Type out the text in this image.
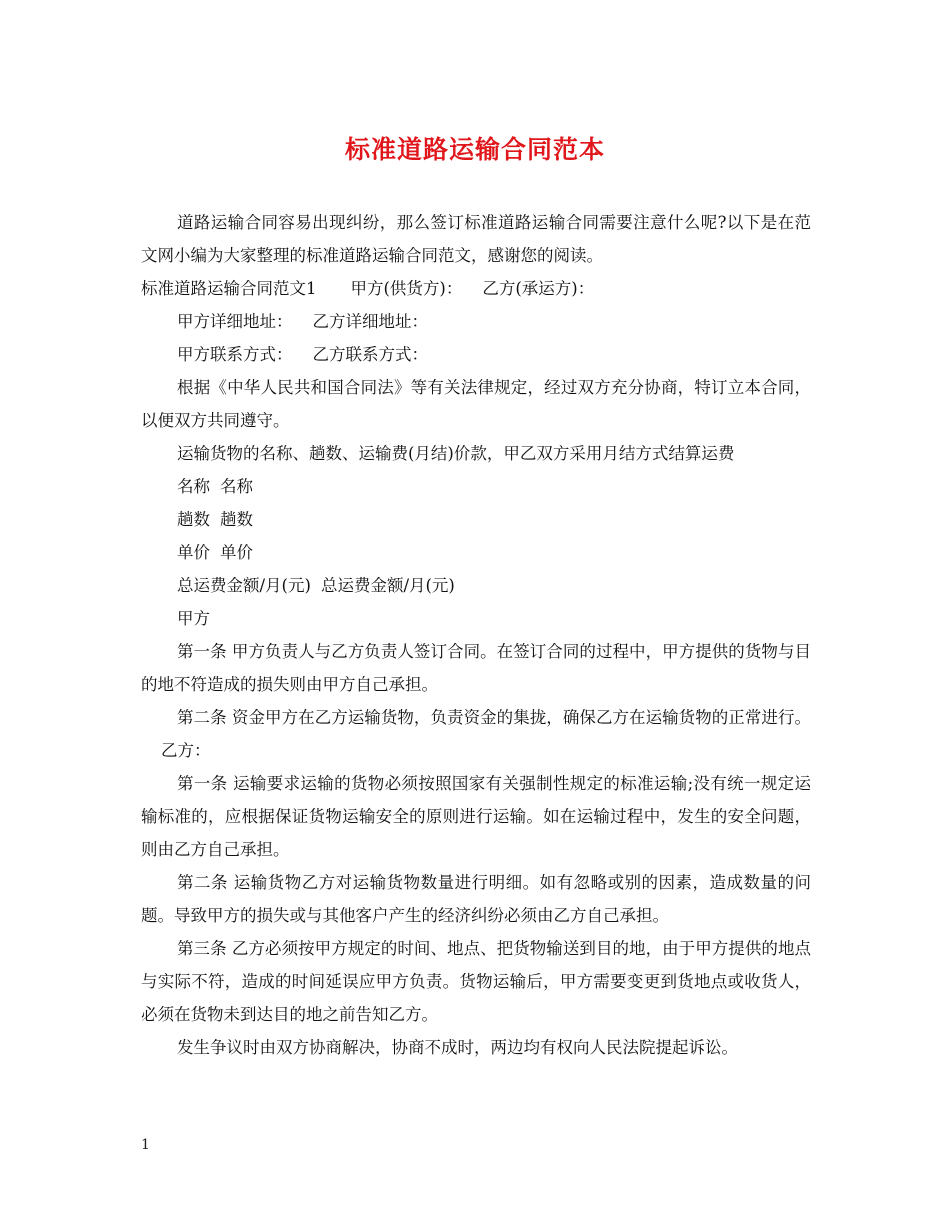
标准道路运输合同范本

道路运输合同容易出现纠纷，那么签订标准道路运输合同需要注意什么呢?以下是在范文网小编为大家整理的标准道路运输合同范文，感谢您的阅读。

标准道路运输合同范文1 甲方(供货方)： 乙方(承运方)：

甲方详细地址： 乙方详细地址：

甲方联系方式： 乙方联系方式：

根据《中华人民共和国合同法》等有关法律规定，经过双方充分协商，特订立本合同，以便双方共同遵守。

运输货物的名称、趟数、运输费(月结)价款，甲乙双方采用月结方式结算运费

名称 名称

趟数 趟数

单价 单价

总运费金额/月(元) 总运费金额/月(元)

甲方

第一条 甲方负责人与乙方负责人签订合同。在签订合同的过程中，甲方提供的货物与目的地不符造成的损失则由甲方自己承担。

第二条 资金甲方在乙方运输货物，负责资金的集拢，确保乙方在运输货物的正常进行。乙方：

第一条 运输要求运输的货物必须按照国家有关强制性规定的标准运输;没有统一规定运输标准的，应根据保证货物运输安全的原则进行运输。如在运输过程中，发生的安全问题，则由乙方自己承担。

第二条 运输货物乙方对运输货物数量进行明细。如有忽略或别的因素，造成数量的问题。导致甲方的损失或与其他客户产生的经济纠纷必须由乙方自己承担。

第三条 乙方必须按甲方规定的时间、地点、把货物输送到目的地，由于甲方提供的地点与实际不符，造成的时间延误应甲方负责。货物运输后，甲方需要变更到货地点或收货人，必须在货物未到达目的地之前告知乙方。

发生争议时由双方协商解决，协商不成时，两边均有权向人民法院提起诉讼。

1
